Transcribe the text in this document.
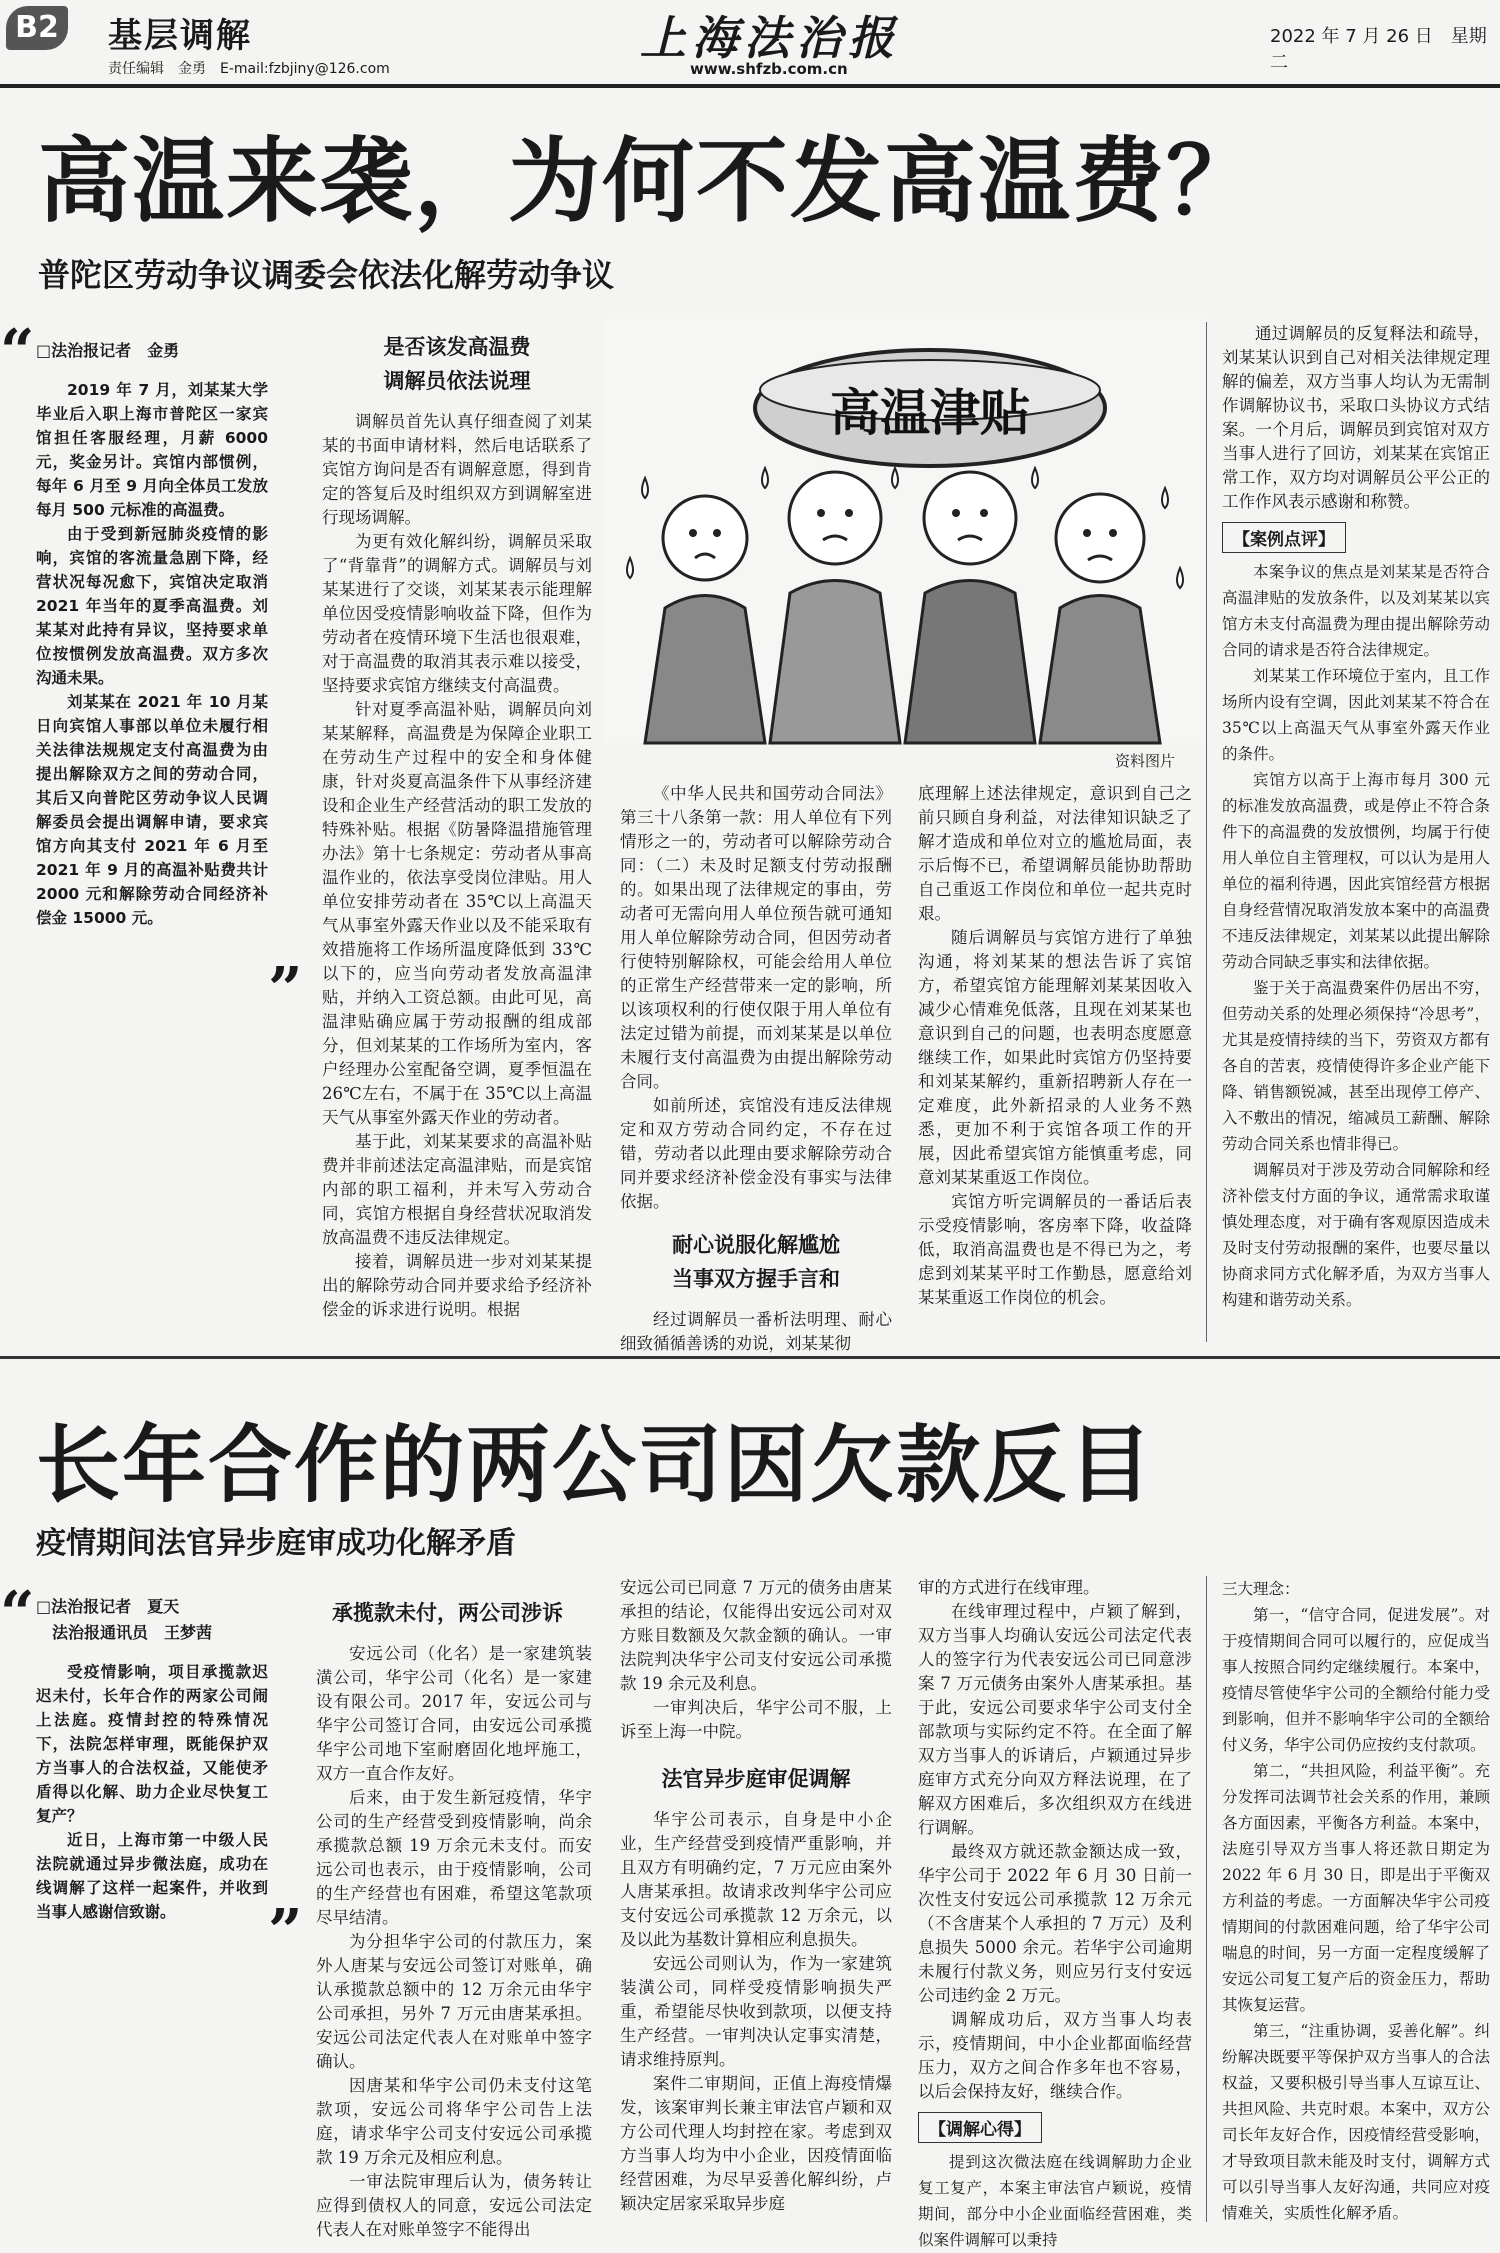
B2 基层调解
责任编辑　金勇　E-mail:fzbjiny@126.com
上海法治报
www.shfzb.com.cn
2022 年 7 月 26 日　星期二
高温来袭，为何不发高温费？
普陀区劳动争议调委会依法化解劳动争议
“ □法治报记者　金勇

2019 年 7 月，刘某某大学毕业后入职上海市普陀区一家宾馆担任客服经理，月薪 6000 元，奖金另计。宾馆内部惯例，每年 6 月至 9 月向全体员工发放每月 500 元标准的高温费。

由于受到新冠肺炎疫情的影响，宾馆的客流量急剧下降，经营状况每况愈下，宾馆决定取消 2021 年当年的夏季高温费。刘某某对此持有异议，坚持要求单位按惯例发放高温费。双方多次沟通未果。

刘某某在 2021 年 10 月某日向宾馆人事部以单位未履行相关法律法规规定支付高温费为由提出解除双方之间的劳动合同，其后又向普陀区劳动争议人民调解委员会提出调解申请，要求宾馆方向其支付 2021 年 6 月至 2021 年 9 月的高温补贴费共计 2000 元和解除劳动合同经济补偿金 15000 元。

”
是否该发高温费
调解员依法说理

调解员首先认真仔细查阅了刘某某的书面申请材料，然后电话联系了宾馆方询问是否有调解意愿，得到肯定的答复后及时组织双方到调解室进行现场调解。

为更有效化解纠纷，调解员采取了“背靠背”的调解方式。调解员与刘某某进行了交谈，刘某某表示能理解单位因受疫情影响收益下降，但作为劳动者在疫情环境下生活也很艰难，对于高温费的取消其表示难以接受，坚持要求宾馆方继续支付高温费。

针对夏季高温补贴，调解员向刘某某解释，高温费是为保障企业职工在劳动生产过程中的安全和身体健康，针对炎夏高温条件下从事经济建设和企业生产经营活动的职工发放的特殊补贴。根据《防暑降温措施管理办法》第十七条规定：劳动者从事高温作业的，依法享受岗位津贴。用人单位安排劳动者在 35℃以上高温天气从事室外露天作业以及不能采取有效措施将工作场所温度降低到 33℃以下的，应当向劳动者发放高温津贴，并纳入工资总额。由此可见，高温津贴确应属于劳动报酬的组成部分，但刘某某的工作场所为室内，客户经理办公室配备空调，夏季恒温在 26℃左右，不属于在 35℃以上高温天气从事室外露天作业的劳动者。

基于此，刘某某要求的高温补贴费并非前述法定高温津贴，而是宾馆内部的职工福利，并未写入劳动合同，宾馆方根据自身经营状况取消发放高温费不违反法律规定。

接着，调解员进一步对刘某某提出的解除劳动合同并要求给予经济补偿金的诉求进行说明。根据

高温津贴
资料图片

《中华人民共和国劳动合同法》第三十八条第一款：用人单位有下列情形之一的，劳动者可以解除劳动合同：（二）未及时足额支付劳动报酬的。如果出现了法律规定的事由，劳动者可无需向用人单位预告就可通知用人单位解除劳动合同，但因劳动者行使特别解除权，可能会给用人单位的正常生产经营带来一定的影响，所以该项权利的行使仅限于用人单位有法定过错为前提，而刘某某是以单位未履行支付高温费为由提出解除劳动合同。

如前所述，宾馆没有违反法律规定和双方劳动合同约定，不存在过错，劳动者以此理由要求解除劳动合同并要求经济补偿金没有事实与法律依据。

耐心说服化解尴尬
当事双方握手言和

经过调解员一番析法明理、耐心细致循循善诱的劝说，刘某某彻

底理解上述法律规定，意识到自己之前只顾自身利益，对法律知识缺乏了解才造成和单位对立的尴尬局面，表示后悔不已，希望调解员能协助帮助自己重返工作岗位和单位一起共克时艰。

随后调解员与宾馆方进行了单独沟通，将刘某某的想法告诉了宾馆方，希望宾馆方能理解刘某某因收入减少心情难免低落，且现在刘某某也意识到自己的问题，也表明态度愿意继续工作，如果此时宾馆方仍坚持要和刘某某解约，重新招聘新人存在一定难度，此外新招录的人业务不熟悉，更加不利于宾馆各项工作的开展，因此希望宾馆方能慎重考虑，同意刘某某重返工作岗位。

宾馆方听完调解员的一番话后表示受疫情影响，客房率下降，收益降低，取消高温费也是不得已为之，考虑到刘某某平时工作勤恳，愿意给刘某某重返工作岗位的机会。

通过调解员的反复释法和疏导，刘某某认识到自己对相关法律规定理解的偏差，双方当事人均认为无需制作调解协议书，采取口头协议方式结案。一个月后，调解员到宾馆对双方当事人进行了回访，刘某某在宾馆正常工作，双方均对调解员公平公正的工作作风表示感谢和称赞。

【案例点评】

本案争议的焦点是刘某某是否符合高温津贴的发放条件，以及刘某某以宾馆方未支付高温费为理由提出解除劳动合同的请求是否符合法律规定。

刘某某工作环境位于室内，且工作场所内设有空调，因此刘某某不符合在 35℃以上高温天气从事室外露天作业的条件。

宾馆方以高于上海市每月 300 元的标准发放高温费，或是停止不符合条件下的高温费的发放惯例，均属于行使用人单位自主管理权，可以认为是用人单位的福利待遇，因此宾馆经营方根据自身经营情况取消发放本案中的高温费不违反法律规定，刘某某以此提出解除劳动合同缺乏事实和法律依据。

鉴于关于高温费案件仍居出不穷，但劳动关系的处理必须保持“冷思考”，尤其是疫情持续的当下，劳资双方都有各自的苦衷，疫情使得许多企业产能下降、销售额锐减，甚至出现停工停产、入不敷出的情况，缩减员工薪酬、解除劳动合同关系也情非得已。

调解员对于涉及劳动合同解除和经济补偿支付方面的争议，通常需求取谨慎处理态度，对于确有客观原因造成未及时支付劳动报酬的案件，也要尽量以协商求同方式化解矛盾，为双方当事人构建和谐劳动关系。

长年合作的两公司因欠款反目
疫情期间法官异步庭审成功化解矛盾
“ □法治报记者　夏天
　法治报通讯员　王梦茜

受疫情影响，项目承揽款迟迟未付，长年合作的两家公司闹上法庭。疫情封控的特殊情况下，法院怎样审理，既能保护双方当事人的合法权益，又能使矛盾得以化解、助力企业尽快复工复产？

近日，上海市第一中级人民法院就通过异步微法庭，成功在线调解了这样一起案件，并收到当事人感谢信致谢。	”
承揽款未付，两公司涉诉

安远公司（化名）是一家建筑装潢公司，华宇公司（化名）是一家建设有限公司。2017 年，安远公司与华宇公司签订合同，由安远公司承揽华宇公司地下室耐磨固化地坪施工，双方一直合作友好。

后来，由于发生新冠疫情，华宇公司的生产经营受到疫情影响，尚余承揽款总额 19 万余元未支付。而安远公司也表示，由于疫情影响，公司的生产经营也有困难，希望这笔款项尽早结清。

为分担华宇公司的付款压力，案外人唐某与安远公司签订对账单，确认承揽款总额中的 12 万余元由华宇公司承担，另外 7 万元由唐某承担。安远公司法定代表人在对账单中签字确认。

因唐某和华宇公司仍未支付这笔款项，安远公司将华宇公司告上法庭，请求华宇公司支付安远公司承揽款 19 万余元及相应利息。

一审法院审理后认为，债务转让应得到债权人的同意，安远公司法定代表人在对账单签字不能得出

安远公司已同意 7 万元的债务由唐某承担的结论，仅能得出安远公司对双方账目数额及欠款金额的确认。一审法院判决华宇公司支付安远公司承揽款 19 余元及利息。

一审判决后，华宇公司不服，上诉至上海一中院。

法官异步庭审促调解

华宇公司表示，自身是中小企业，生产经营受到疫情严重影响，并且双方有明确约定，7 万元应由案外人唐某承担。故请求改判华宇公司应支付安远公司承揽款 12 万余元，以及以此为基数计算相应利息损失。

安远公司则认为，作为一家建筑装潢公司，同样受疫情影响损失严重，希望能尽快收到款项，以便支持生产经营。一审判决认定事实清楚，请求维持原判。

案件二审期间，正值上海疫情爆发，该案审判长兼主审法官卢颖和双方公司代理人均封控在家。考虑到双方当事人均为中小企业，因疫情面临经营困难，为尽早妥善化解纠纷，卢颖决定居家采取异步庭

审的方式进行在线审理。

在线审理过程中，卢颖了解到，双方当事人均确认安远公司法定代表人的签字行为代表安远公司已同意涉案 7 万元债务由案外人唐某承担。基于此，安远公司要求华宇公司支付全部款项与实际约定不符。在全面了解双方当事人的诉请后，卢颖通过异步庭审方式充分向双方释法说理，在了解双方困难后，多次组织双方在线进行调解。

最终双方就还款金额达成一致，华宇公司于 2022 年 6 月 30 日前一次性支付安远公司承揽款 12 万余元（不含唐某个人承担的 7 万元）及利息损失 5000 余元。若华宇公司逾期未履行付款义务，则应另行支付安远公司违约金 2 万元。

调解成功后，双方当事人均表示，疫情期间，中小企业都面临经营压力，双方之间合作多年也不容易，以后会保持友好，继续合作。

【调解心得】

提到这次微法庭在线调解助力企业复工复产，本案主审法官卢颖说，疫情期间，部分中小企业面临经营困难，类似案件调解可以秉持

三大理念：

第一，“信守合同，促进发展”。对于疫情期间合同可以履行的，应促成当事人按照合同约定继续履行。本案中，疫情尽管使华宇公司的全额给付能力受到影响，但并不影响华宇公司的全额给付义务，华宇公司仍应按约支付款项。

第二，“共担风险，利益平衡”。充分发挥司法调节社会关系的作用，兼顾各方面因素，平衡各方利益。本案中，法庭引导双方当事人将还款日期定为 2022 年 6 月 30 日，即是出于平衡双方利益的考虑。一方面解决华宇公司疫情期间的付款困难问题，给了华宇公司喘息的时间，另一方面一定程度缓解了安远公司复工复产后的资金压力，帮助其恢复运营。

第三，“注重协调，妥善化解”。纠纷解决既要平等保护双方当事人的合法权益，又要积极引导当事人互谅互让、共担风险、共克时艰。本案中，双方公司长年友好合作，因疫情经营受影响，才导致项目款未能及时支付，调解方式可以引导当事人友好沟通，共同应对疫情难关，实质性化解矛盾。
